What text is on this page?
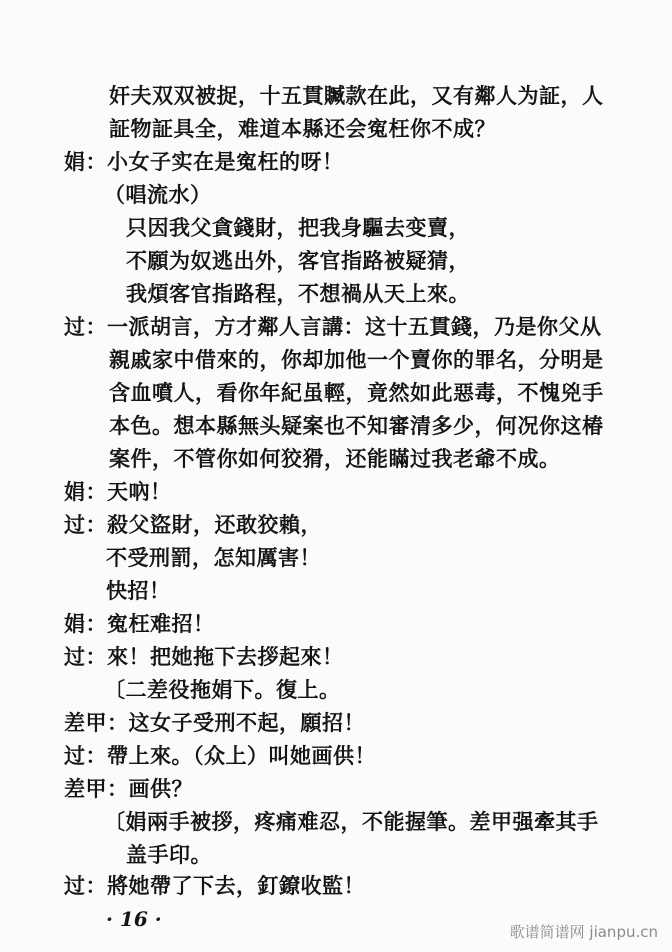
奸夫双双被捉，十五貫贓款在此，又有鄰人为証，人
証物証具全，难道本縣还会寃枉你不成？
娟：小女子实在是寃枉的呀！
（唱流水）
只因我父貪錢財，把我身驅去变賣，
不願为奴逃出外，客官指路被疑猜，
我煩客官指路程，不想禍从天上來。
过：一派胡言，方才鄰人言講：这十五貫錢，乃是你父从
親戚家中借來的，你却加他一个賣你的罪名，分明是
含血噴人，看你年紀虽輕，竟然如此惡毒，不愧兇手
本色。想本縣無头疑案也不知審清多少，何况你这椿
案件，不管你如何狡猾，还能瞞过我老爺不成。
娟：天吶！
过：殺父盜財，还敢狡賴，
不受刑罰，怎知厲害！
快招！
娟：寃枉难招！
过：來！把她拖下去拶起來！
〔二差役拖娟下。復上。
差甲：这女子受刑不起，願招！
过：帶上來。（众上）叫她画供！
差甲：画供？
〔娟兩手被拶，疼痛难忍，不能握筆。差甲强牽其手
盖手印。
过：將她帶了下去，釘鐐收監！
· 16 ·
歌谱简谱网 jianpu.cn
